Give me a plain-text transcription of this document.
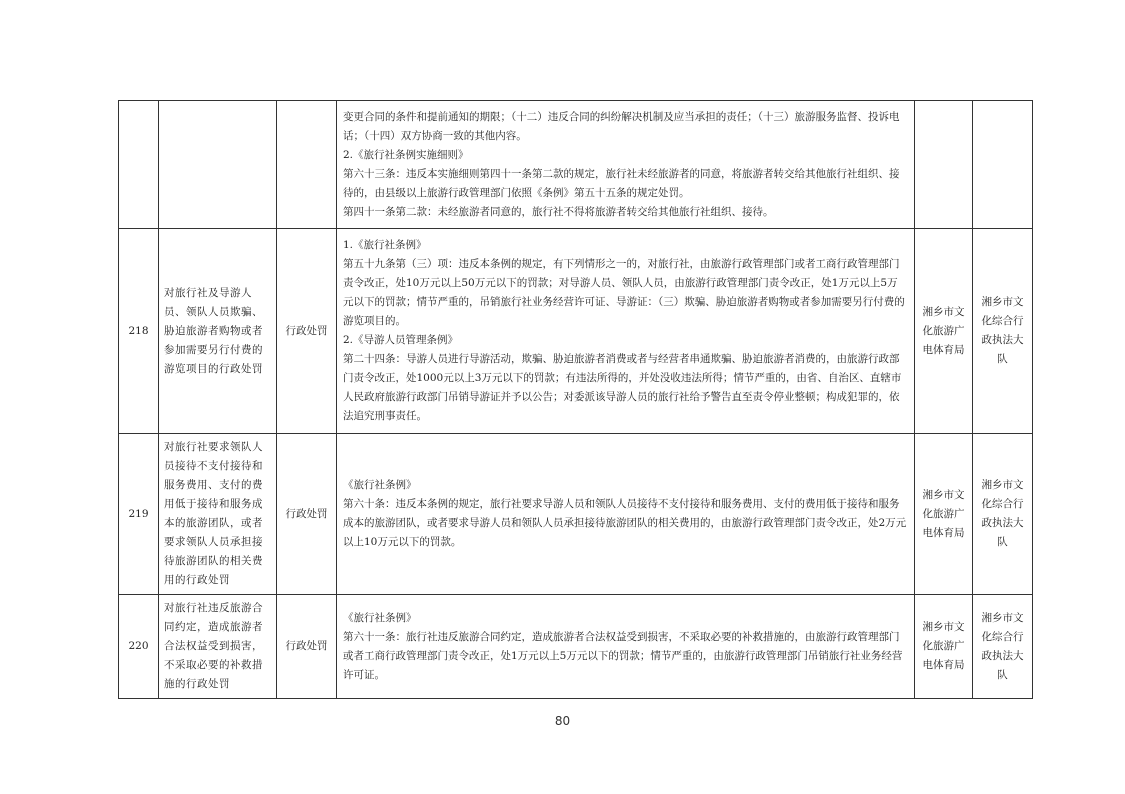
			变更合同的条件和提前通知的期限；（十二）违反合同的纠纷解决机制及应当承担的责任；（十三）旅游服务监督、投诉电话；（十四）双方协商一致的其他内容。

2.《旅行社条例实施细则》

第六十三条：违反本实施细则第四十一条第二款的规定，旅行社未经旅游者的同意，将旅游者转交给其他旅行社组织、接待的，由县级以上旅游行政管理部门依照《条例》第五十五条的规定处罚。

第四十一条第二款：未经旅游者同意的，旅行社不得将旅游者转交给其他旅行社组织、接待。		

218	对旅行社及导游人员、领队人员欺骗、胁迫旅游者购物或者参加需要另行付费的游览项目的行政处罚	行政处罚	1.《旅行社条例》

第五十九条第（三）项：违反本条例的规定，有下列情形之一的，对旅行社，由旅游行政管理部门或者工商行政管理部门责令改正，处10万元以上50万元以下的罚款；对导游人员、领队人员，由旅游行政管理部门责令改正，处1万元以上5万元以下的罚款；情节严重的，吊销旅行社业务经营许可证、导游证：（三）欺骗、胁迫旅游者购物或者参加需要另行付费的游览项目的。

2.《导游人员管理条例》

第二十四条：导游人员进行导游活动，欺骗、胁迫旅游者消费或者与经营者串通欺骗、胁迫旅游者消费的，由旅游行政部门责令改正，处1000元以上3万元以下的罚款；有违法所得的，并处没收违法所得；情节严重的，由省、自治区、直辖市人民政府旅游行政部门吊销导游证并予以公告；对委派该导游人员的旅行社给予警告直至责令停业整顿；构成犯罪的，依法追究刑事责任。	湘乡市文化旅游广电体育局	湘乡市文化综合行政执法大队
219	对旅行社要求领队人员接待不支付接待和服务费用、支付的费用低于接待和服务成本的旅游团队，或者要求领队人员承担接待旅游团队的相关费用的行政处罚	行政处罚	《旅行社条例》

第六十条：违反本条例的规定，旅行社要求导游人员和领队人员接待不支付接待和服务费用、支付的费用低于接待和服务成本的旅游团队，或者要求导游人员和领队人员承担接待旅游团队的相关费用的，由旅游行政管理部门责令改正，处2万元以上10万元以下的罚款。	湘乡市文化旅游广电体育局	湘乡市文化综合行政执法大队
220	对旅行社违反旅游合同约定，造成旅游者合法权益受到损害，不采取必要的补救措施的行政处罚	行政处罚	《旅行社条例》

第六十一条：旅行社违反旅游合同约定，造成旅游者合法权益受到损害，不采取必要的补救措施的，由旅游行政管理部门或者工商行政管理部门责令改正，处1万元以上5万元以下的罚款；情节严重的，由旅游行政管理部门吊销旅行社业务经营许可证。	湘乡市文化旅游广电体育局	湘乡市文化综合行政执法大队
80
